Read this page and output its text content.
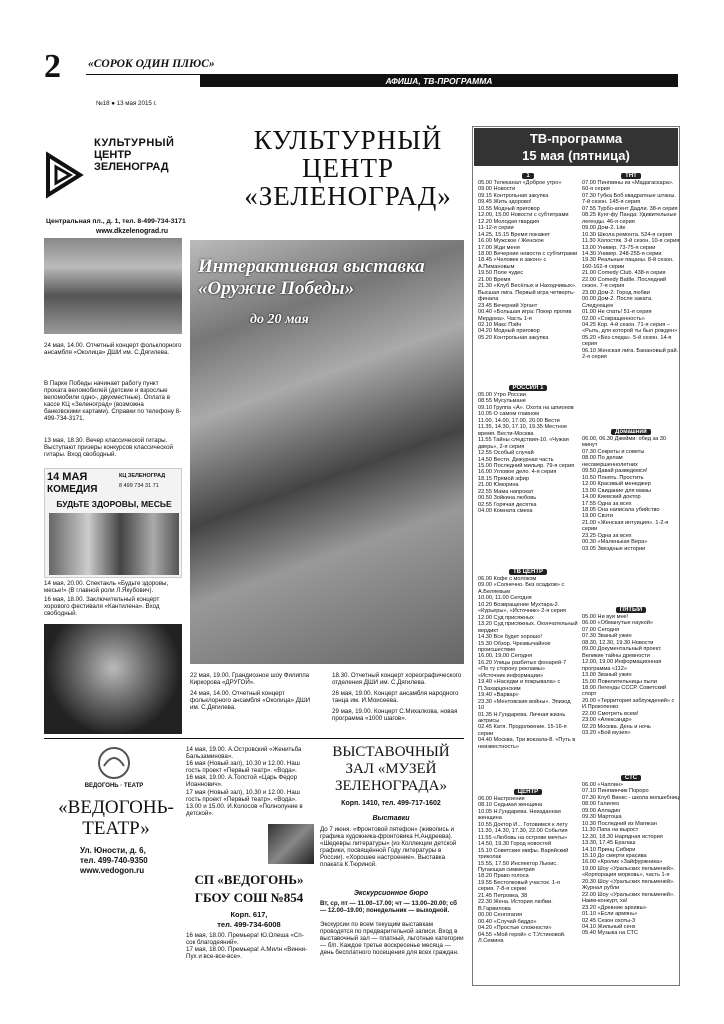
2 «СОРОК ОДИН ПЛЮС»
АФИША, ТВ-ПРОГРАММА
№18 ● 13 мая 2015 г.
КУЛЬТУРНЫЙ
ЦЕНТР
ЗЕЛЕНОГРАД
Центральная пл., д. 1, тел. 8-499-734-3171
www.dkzelenograd.ru
КУЛЬТУРНЫЙ
ЦЕНТР
«ЗЕЛЕНОГРАД»
24 мая, 14.00. Отчетный концерт фольклорного ансамбля «Околица» ДШИ им. С.Дягилева.
В Парке Победы начинает работу пункт проката веломобилей (детские и взрослые веломобили одно-, двухместные). Оплата в кассе КЦ «Зеленоград» (возможна банковскими картами). Справки по телефону 8-499-734-3171.
13 мая, 18.30. Вечер классической гитары. Выступают призеры конкурсов классической гитары. Вход свободный.
14 МАЯ
КОМЕДИЯ
КЦ ЗЕЛЕНОГРАД
8 499 734 31 71
БУДЬТЕ ЗДОРОВЫ, МЕСЬЕ
14 мая, 20.00. Спектакль «Будьте здоровы, месье!» (В главной роли Л.Якубович).
16 мая, 18.00. Заключительный концерт хорового фестиваля «Кантилена». Вход свободный.
Интерактивная выставка
«Оружие Победы»
до 20 мая
22 мая, 19.00. Грандиозное шоу Филиппа Киркорова «ДРУГОЙ».
24 мая, 14.00. Отчетный концерт фольклорного ансамбля «Околица» ДШИ им. С.Дягилева.
18.30. Отчетный концерт хореографического отделения ДШИ им. С.Дягилева.
26 мая, 19.00. Концерт ансамбля народного танца им. И.Моисеева.
29 мая, 19.00. Концерт С.Михалкова, новая программа «1000 шагов».
ВЕДОГОНЬ · ТЕАТР
«ВЕДОГОНЬ-
ТЕАТР»
Ул. Юности, д. 6,
тел. 499-740-9350
www.vedogon.ru
14 мая, 19.00. А.Островский «Женитьба Бальзаминова».
16 мая (Новый зал), 10.30 и 12.00. Наш гость проект «Первый театр». «Вода».
16 мая, 19.00. А.Толстой «Царь Федор Иоаннович».
17 мая (Новый зал), 10.30 и 12.00. Наш гость проект «Первый театр». «Вода».
13.00 и 15.00. И.Колосов «Полнолуние в детской».
СП «ВЕДОГОНЬ»
ГБОУ СОШ №854
Корп. 617,
тел. 499-734-6008
16 мая, 18.00. Премьера! Ю.Олеша «Сп-сок благодеяний».
17 мая, 18.00. Премьера! А.Милн «Винни-Пух и все-все-все».
ВЫСТАВОЧНЫЙ
ЗАЛ «МУЗЕЙ
ЗЕЛЕНОГРАДА»
Корп. 1410, тел. 499-717-1602
Выставки
До 7 июня. «Фронтовой пятефон» (живопись и графика художника-фронтовика Н.Андреева). «Шедевры литературы» (из Коллекции детской графики, посвящённой Году литературы в России). «Хорошее настроение». Выставка плаката К.Тюриной.
Экскурсионное бюро
Вт, ср, пт — 11.00–17.00; чт — 13.00–20.00; сб — 12.00–19.00; понедельник — выходной.
Экскурсии по всем текущим выставкам проводятся по предварительной записи. Вход в выставочный зал — платный, льготные категории — б/п. Каждое третье воскресенье месяца — день бесплатного посещения для всех граждан.
ТВ-программа
15 мая (пятница)
1
05.00 Телеканал «Доброе утро»
09.00 Новости
09.15 Контрольная закупка
09.45 Жить здорово!
10.55 Модный приговор
12.00, 15.00 Новости с субтитрами
12.20 Молодая гвардия
11-12-я серии
14.25, 15.15 Время покажет
16.00 Мужское / Женское
17.00 Жди меня
18.00 Вечерние новости с субтитрами
18.45 «Человек и закон» с А.Пимановым
19.50 Поле чудес
21.00 Время
21.30 «Клуб Весёлых и Находчивых». Высшая лига. Первый игра четверть-финала
23.45 Вечерний Ургант
00.40 «Большая игра: Покер против Мердока». Часть 1-я
02.10 Макс Пэйн
04.20 Модный приговор
05.20 Контрольная закупка
РОССИЯ 1
05.00 Утро России
08.55 Мусульмане
09.10 Группа «А». Охота на шпионов
10.05 О самом главном
11.00, 14.00, 17.00, 20.00 Вести
11.35, 14.30, 17.10, 19.35 Местное время. Вести-Москва
11.55 Тайны следствия-10. «Чужая дверь», 2-я серия
12.55 Особый случай
14.50 Вести. Дежурная часть
15.00 Последний мильяр. 79-я серия
16.00 Угловое дело. 4-я серия
18.15 Прямой эфир
21.00 Юморина
22.55 Мама напрокат
00.50 Зойкина любовь
02.55 Горячая десятка
04.00 Комната смеха
ТВ ЦЕНТР
06.00 Кофе с молоком
09.00 «Солнечно. Без осадков» с А.Беляевым
10.00, 11.00 Сегодня
10.20 Возвращение Мухтара-2. «Курьеры», «Источник» 2-я серия
12.00 Суд присяжных
13.20 Суд присяжных. Окончательный вердикт
14.30 Все будет хорошо!
15.30 Обзор. Чрезвычайное происшествие
16.00, 19.00 Сегодня
16.20 Улицы разбитых фонарей-7
«По ту сторону рекламы»
«Источник информации»
19.40 «Наседки и покрывала» с П.Захарцонским
19.40 «Варвар»
23.30 «Ментовские войны». Эпизод 10
01.35 Н.Гундарева. Личная жизнь актрисы
02.45 Катя. Продолжение. 15-16-я серии
04.40 Москва. Три вокзала-8. «Путь в неизвестность»
ЦЕНТР
06.00 Настроение
08.10 Седьмая женщина
10.05 Н.Гундарева. Неизданная женщина
10.55 Доктор И... Готовимся к лету
11.30, 14.30, 17.30, 22.00 События
11.55 «Любовь на острове мечты»
14.50, 19.30 Город новостей
15.10 Советские мифы. Варяйский триколак
15.55, 17.50 Инспектор Льюис. Пугающая симметрия
18.20 Право голоса
19.55 Бестолковый участок. 1-я серия. 7-8-я серии
21.45 Петровка, 38
22.30 Жена. История любви. В.Гарвилова
00.00 Сенгогагия
00.40 «Случай биддо»
04.20 «Простые сложности»
04.55 «Мой герой» с Т.Устиновой. Л.Семина
ТНТ
07.00 Пингвины из «Мадагаскара». 60-я серия
07.30 Губка Боб квадратные штаны. 7-й сезон. 145-я серия
07.55 Турбо-агент Дадли. 38-я серия
08.25 Кунг-фу Панда: Удивительные легенды. 46-я серия
09.00 Дом-2. Lite
10.30 Школа ремонта. 524-я серия
11.30 Холостяк. 3-й сезон. 10-я серия
13.00 Универ. 73-75-я серии
14.30 Универ. 248-255-я серии
19.30 Реальные пацаны. 8-й сезон. 160-162-я серии
21.00 Comedy Club. 438-я серия
22.00 Comedy Battle. Последний сезон. 7-я серия
23.00 Дом-2. Город любви
00.00 Дом-2. После заката. Следующее
01.00 Не спать! 51-я серия
02.00 «Сокращенность»
04.25 Кор. 4-й сезон. 71-я серия – «Рыть, для которой ты был рожден»
05.20 «Без следа». 5-й сезон. 14-я серия
06.10 Женская лига. Банановый рай. 2-я серия
Домашний
06.00, 06.30 Джейми: обед за 30 минут
07.30 Секреты и советы
08.00 По делам несовершеннолетних
09.50 Давай разведемся!
10.50 Понять. Простить
12.00 Красивый менеджер
13.00 Свидание для мамы
14.00 Киевский доктор
17.55 Одна за всех
18.05 Она написала убийство
19.00 Свэти
21.00 «Женская интуиция». 1-2-я серии
23.25 Одна за всех
00.30 «Маленькая Вера»
03.05 Звездные истории
ПЯТЫЙ
05.00 Ни вуи мне!
06.00 «Обманутые наукой»
07.00 Сегодня
07.30 Званый ужин
08.30, 12.30, 19.30 Новости
09.00 Документальный проект. Великие тайны древности
12.00, 19.00 Информационная программа «112»
13.00 Званый ужин
15.00 Повелительницы пыли
18.00 Легенды СССР. Советский спорт
20.00 «Территория заблуждений» с И.Прокопенко
22.00 Смотреть всем!
23.00 «Александр»
02.20 Москва. День и ночь
03.20 «Бой музея»
СТС
06.00 «Чаплин»
07.10 Пингвинчик Пороро
07.30 Клуб Винкс - школа волшебниц
08.00 Галилео
09.00 Алладин
09.30 Мартоша
10.30 Последний из Магикан
11.30 Папа на вырост
12.30, 18.30 Нарядная история
13.30, 17.45 Ералаш
14.10 Принц Сибири
15.10 До смерти красива
16.00 «Кролик «Зайфуржника»
19.00 Шоу «Уральских пельменей». «Корпорация морковь», часть 1-я
20.30 Шоу «Уральских пельменей». Журнал рубли
22.00 Шоу «Уральских пельменей». Наим-конкурт, ха!
23.20 «Древние архивы»
01.10 «Если армянь»
02.45 Сезон охоты-3
04.10 Жильный сенх
05.40 Музыка на СТС
